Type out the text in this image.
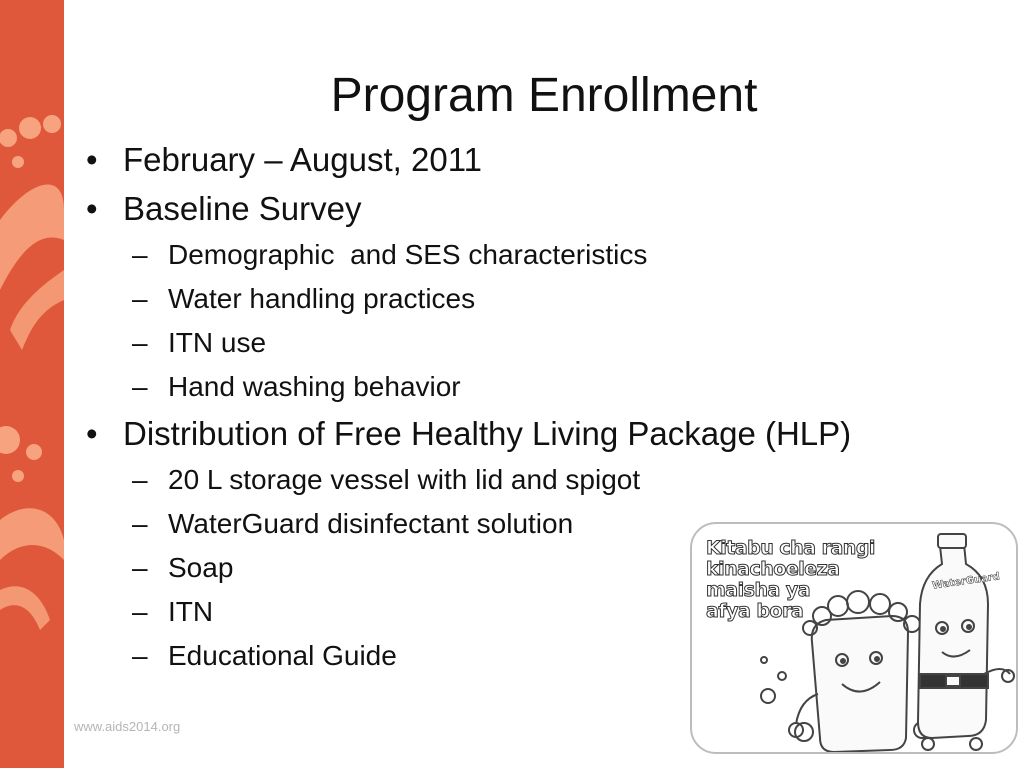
Program Enrollment
• February – August, 2011
• Baseline Survey
– Demographic  and SES characteristics
– Water handling practices
– ITN use
– Hand washing behavior
• Distribution of Free Healthy Living Package (HLP)
– 20 L storage vessel with lid and spigot
– WaterGuard disinfectant solution
– Soap
– ITN
– Educational Guide
www.aids2014.org
Kitabu cha rangi
kinachoeleza
maisha ya
afya bora
WaterGuard
